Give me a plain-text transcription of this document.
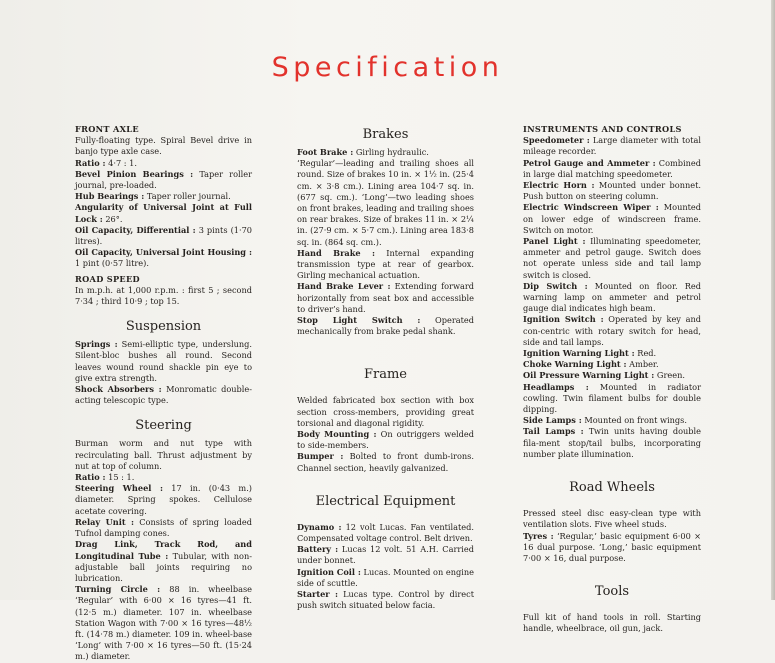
Specification
FRONT AXLE
Fully-floating type. Spiral Bevel drive in banjo type axle case.
Ratio : 4·7 : 1.
Bevel Pinion Bearings : Taper roller journal, pre-loaded.
Hub Bearings : Taper roller journal.
Angularity of Universal Joint at Full Lock : 26°.
Oil Capacity, Differential : 3 pints (1·70 litres).
Oil Capacity, Universal Joint Housing : 1 pint (0·57 litre).
ROAD SPEED
In m.p.h. at 1,000 r.p.m. : first 5 ; second 7·34 ; third 10·9 ; top 15.
Suspension
Springs : Semi-elliptic type, underslung. Silent-bloc bushes all round. Second leaves wound round shackle pin eye to give extra strength.
Shock Absorbers : Monromatic double-acting telescopic type.
Steering
Burman worm and nut type with recirculating ball. Thrust adjustment by nut at top of column.
Ratio : 15 : 1.
Steering Wheel : 17 in. (0·43 m.) diameter. Spring spokes. Cellulose acetate covering.
Relay Unit : Consists of spring loaded Tufnol damping cones.
Drag Link, Track Rod, and Longitudinal Tube : Tubular, with non-adjustable ball joints requiring no lubrication.
Turning Circle : 88 in. wheelbase ‘Regular’ with 6·00 × 16 tyres—41 ft. (12·5 m.) diameter. 107 in. wheelbase Station Wagon with 7·00 × 16 tyres—48½ ft. (14·78 m.) diameter. 109 in. wheel-base ‘Long’ with 7·00 × 16 tyres—50 ft. (15·24 m.) diameter.
Brakes
Foot Brake : Girling hydraulic.
‘Regular’—leading and trailing shoes all round. Size of brakes 10 in. × 1½ in. (25·4 cm. × 3·8 cm.). Lining area 104·7 sq. in. (677 sq. cm.). ‘Long’—two leading shoes on front brakes, leading and trailing shoes on rear brakes. Size of brakes 11 in. × 2¼ in. (27·9 cm. × 5·7 cm.). Lining area 183·8 sq. in. (864 sq. cm.).
Hand Brake : Internal expanding transmission type at rear of gearbox. Girling mechanical actuation.
Hand Brake Lever : Extending forward horizontally from seat box and accessible to driver’s hand.
Stop Light Switch : Operated mechanically from brake pedal shank.
Frame
Welded fabricated box section with box section cross-members, providing great torsional and diagonal rigidity.
Body Mounting : On outriggers welded to side-members.
Bumper : Bolted to front dumb-irons. Channel section, heavily galvanized.
Electrical Equipment
Dynamo : 12 volt Lucas. Fan ventilated. Compensated voltage control. Belt driven.
Battery : Lucas 12 volt. 51 A.H. Carried under bonnet.
Ignition Coil : Lucas. Mounted on engine side of scuttle.
Starter : Lucas type. Control by direct push switch situated below facia.
INSTRUMENTS AND CONTROLS
Speedometer : Large diameter with total mileage recorder.
Petrol Gauge and Ammeter : Combined in large dial matching speedometer.
Electric Horn : Mounted under bonnet. Push button on steering column.
Electric Windscreen Wiper : Mounted on lower edge of windscreen frame. Switch on motor.
Panel Light : Illuminating speedometer, ammeter and petrol gauge. Switch does not operate unless side and tail lamp switch is closed.
Dip Switch : Mounted on floor. Red warning lamp on ammeter and petrol gauge dial indicates high beam.
Ignition Switch : Operated by key and con-centric with rotary switch for head, side and tail lamps.
Ignition Warning Light : Red.
Choke Warning Light : Amber.
Oil Pressure Warning Light : Green.
Headlamps : Mounted in radiator cowling. Twin filament bulbs for double dipping.
Side Lamps : Mounted on front wings.
Tail Lamps : Twin units having double fila-ment stop/tail bulbs, incorporating number plate illumination.
Road Wheels
Pressed steel disc easy-clean type with ventilation slots. Five wheel studs.
Tyres : ‘Regular,’ basic equipment 6·00 × 16 dual purpose. ‘Long,’ basic equipment 7·00 × 16, dual purpose.
Tools
Full kit of hand tools in roll. Starting handle, wheelbrace, oil gun, jack.
